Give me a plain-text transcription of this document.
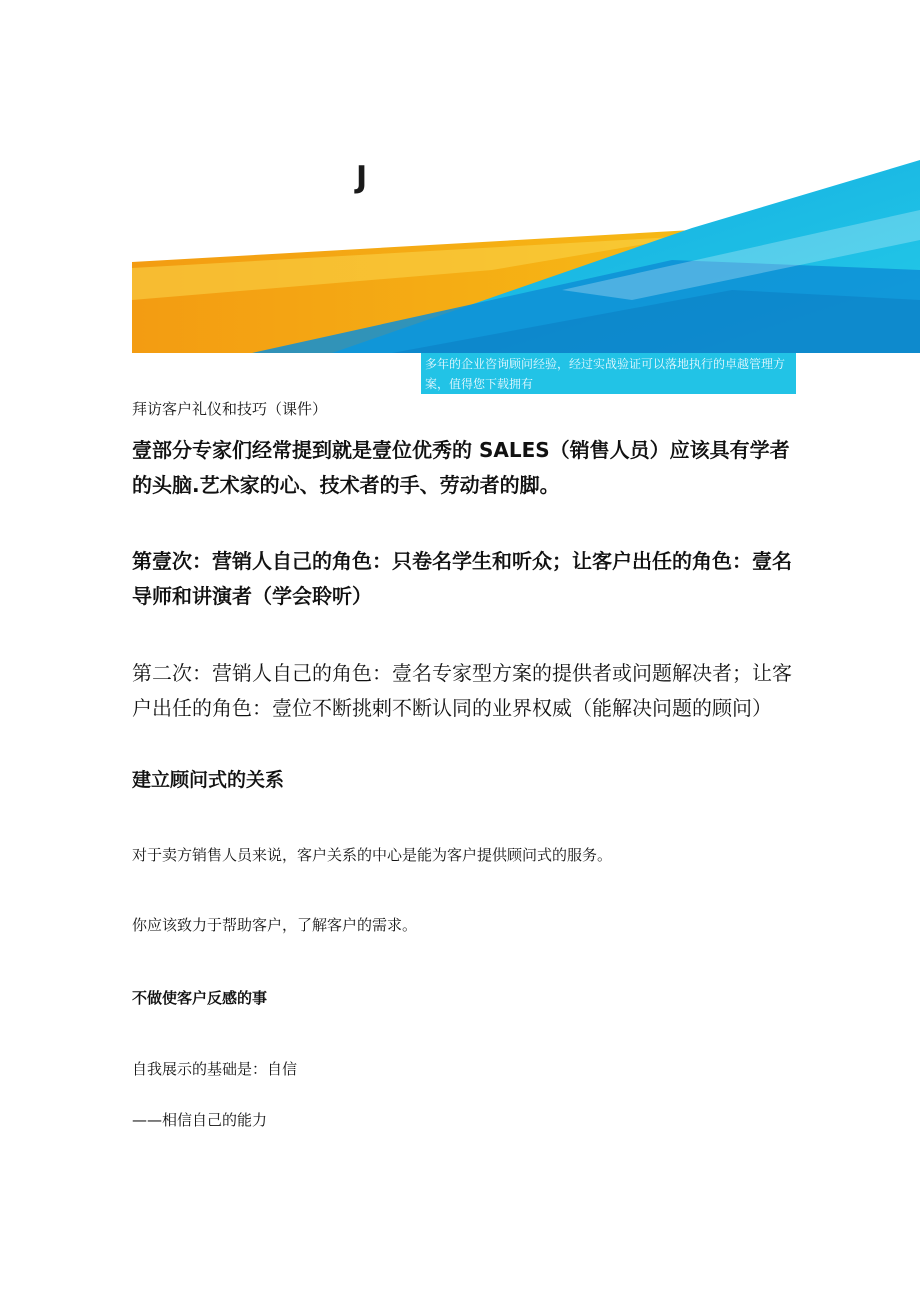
J
多年的企业咨询顾问经验，经过实战验证可以落地执行的卓越管理方案，值得您下载拥有
拜访客户礼仪和技巧（课件）
壹部分专家们经常提到就是壹位优秀的 SALES（销售人员）应该具有学者的头脑.艺术家的心、技术者的手、劳动者的脚。
第壹次：营销人自己的角色：只卷名学生和听众；让客户出任的角色：壹名导师和讲演者（学会聆听）
第二次：营销人自己的角色：壹名专家型方案的提供者或问题解决者；让客户出任的角色：壹位不断挑剌不断认同的业界权威（能解决问题的顾问）
建立顾问式的关系
对于卖方销售人员来说，客户关系的中心是能为客户提供顾问式的服务。
你应该致力于帮助客户，了解客户的需求。
不做使客户反感的事
自我展示的基础是：自信
——相信自己的能力
